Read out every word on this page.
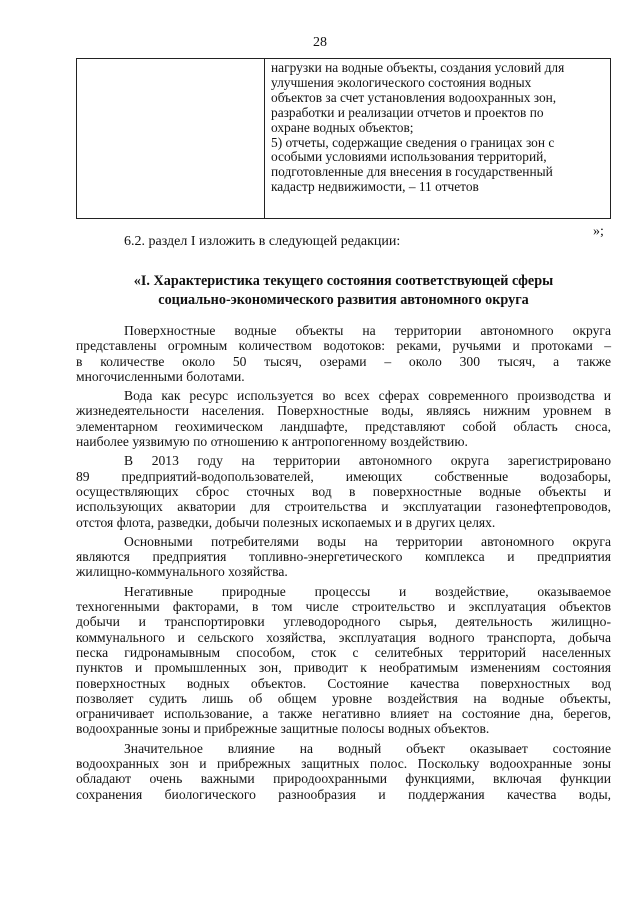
28

нагрузки на водные объекты, создания условий для
улучшения экологического состояния водных
объектов за счет установления водоохранных зон,
разработки и реализации отчетов и проектов по
охране водных объектов;
5) отчеты, содержащие сведения о границах зон с
особыми условиями использования территорий,
подготовленные для внесения в государственный
кадастр недвижимости, – 11 отчетов
»;
6.2. раздел I изложить в следующей редакции:
«I. Характеристика текущего состояния соответствующей сферы
социально-экономического развития автономного округа

Поверхностные водные объекты на территории автономного округа
представлены огромным количеством водотоков: реками, ручьями и протоками –
в количестве около 50 тысяч, озерами – около 300 тысяч, а также
многочисленными болотами.

Вода как ресурс используется во всех сферах современного производства и
жизнедеятельности населения. Поверхностные воды, являясь нижним уровнем в
элементарном геохимическом ландшафте, представляют собой область сноса,
наиболее уязвимую по отношению к антропогенному воздействию.

В 2013 году на территории автономного округа зарегистрировано
89 предприятий-водопользователей, имеющих собственные водозаборы,
осуществляющих сброс сточных вод в поверхностные водные объекты и
использующих акватории для строительства и эксплуатации газонефтепроводов,
отстоя флота, разведки, добычи полезных ископаемых и в других целях.

Основными потребителями воды на территории автономного округа
являются предприятия топливно-энергетического комплекса и предприятия
жилищно-коммунального хозяйства.

Негативные природные процессы и воздействие, оказываемое
техногенными факторами, в том числе строительство и эксплуатация объектов
добычи и транспортировки углеводородного сырья, деятельность жилищно-
коммунального и сельского хозяйства, эксплуатация водного транспорта, добыча
песка гидронамывным способом, сток с селитебных территорий населенных
пунктов и промышленных зон, приводит к необратимым изменениям состояния
поверхностных водных объектов. Состояние качества поверхностных вод
позволяет судить лишь об общем уровне воздействия на водные объекты,
ограничивает использование, а также негативно влияет на состояние дна, берегов,
водоохранные зоны и прибрежные защитные полосы водных объектов.

Значительное влияние на водный объект оказывает состояние
водоохранных зон и прибрежных защитных полос. Поскольку водоохранные зоны
обладают очень важными природоохранными функциями, включая функции
сохранения биологического разнообразия и поддержания качества воды,
